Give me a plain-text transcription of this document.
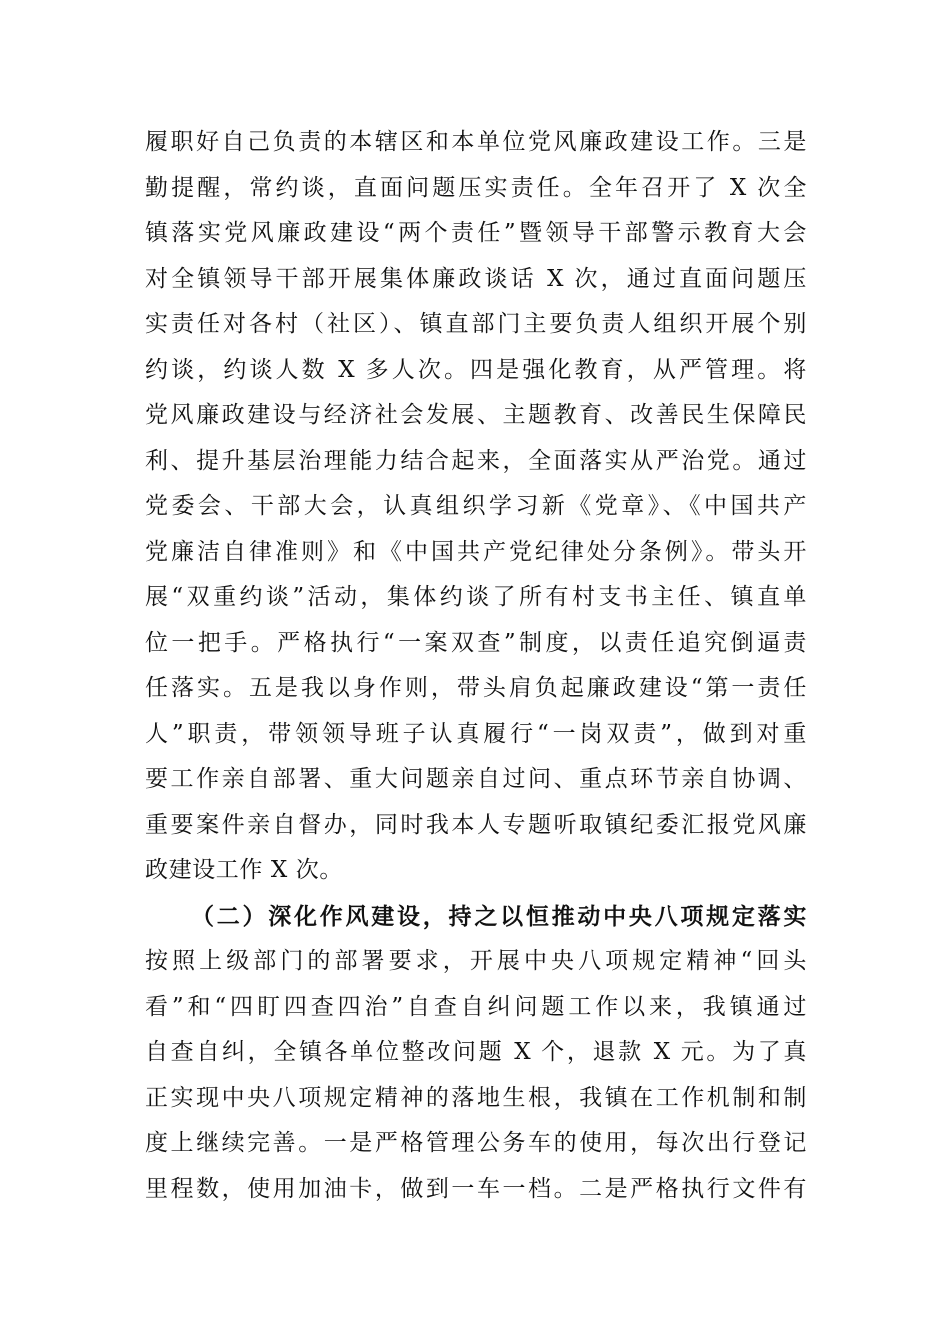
履职好自己负责的本辖区和本单位党风廉政建设工作。三是
勤提醒，常约谈，直面问题压实责任。全年召开了 X 次全
镇落实党风廉政建设“两个责任”暨领导干部警示教育大会
对全镇领导干部开展集体廉政谈话 X 次，通过直面问题压
实责任对各村（社区）、镇直部门主要负责人组织开展个别
约谈，约谈人数 X 多人次。四是强化教育，从严管理。将
党风廉政建设与经济社会发展、主题教育、改善民生保障民
利、提升基层治理能力结合起来，全面落实从严治党。通过
党委会、干部大会，认真组织学习新《党章》、《中国共产
党廉洁自律准则》和《中国共产党纪律处分条例》。带头开
展“双重约谈”活动，集体约谈了所有村支书主任、镇直单
位一把手。严格执行“一案双查”制度，以责任追究倒逼责
任落实。五是我以身作则，带头肩负起廉政建设“第一责任
人”职责，带领领导班子认真履行“一岗双责”，做到对重
要工作亲自部署、重大问题亲自过问、重点环节亲自协调、
重要案件亲自督办，同时我本人专题听取镇纪委汇报党风廉
政建设工作 X 次。
（二）深化作风建设，持之以恒推动中央八项规定落实
按照上级部门的部署要求，开展中央八项规定精神“回头
看”和“四盯四查四治”自查自纠问题工作以来，我镇通过
自查自纠，全镇各单位整改问题 X 个，退款 X 元。为了真
正实现中央八项规定精神的落地生根，我镇在工作机制和制
度上继续完善。一是严格管理公务车的使用，每次出行登记
里程数，使用加油卡，做到一车一档。二是严格执行文件有
